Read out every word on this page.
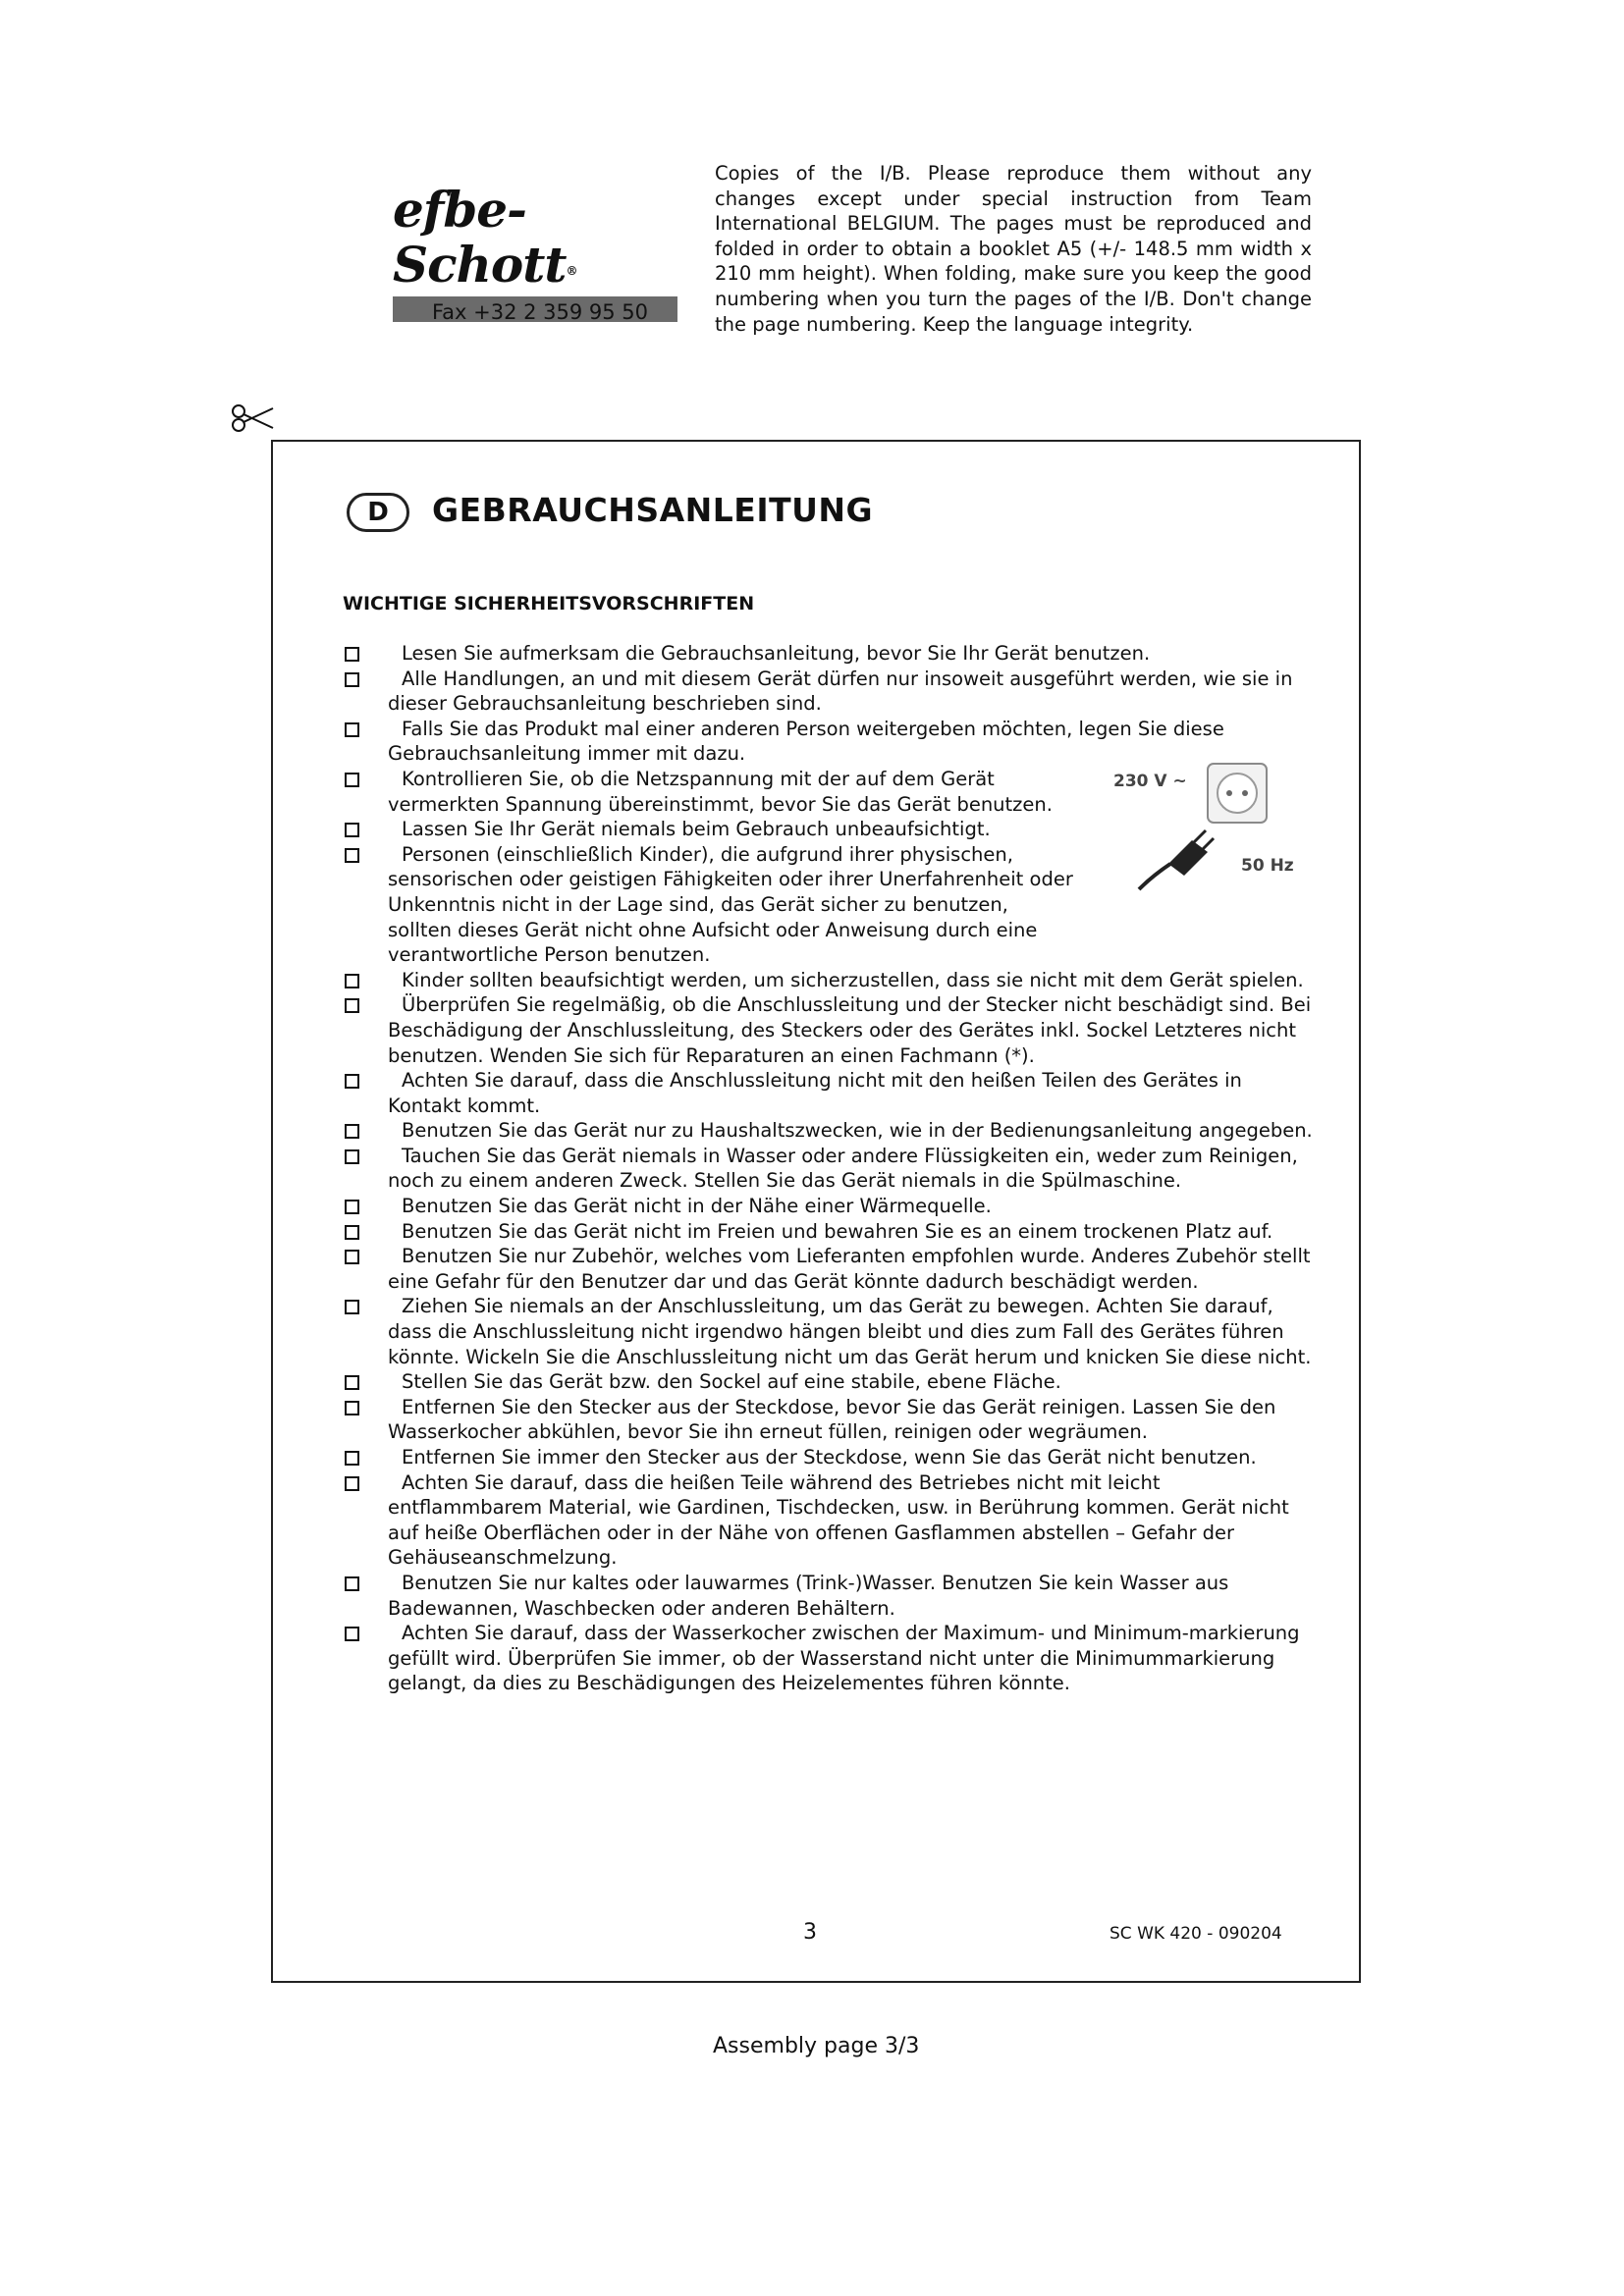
efbe-Schott®
Fax +32 2 359 95 50

Copies of the I/B. Please reproduce them without any changes except under special instruction from Team International BELGIUM. The pages must be reproduced and folded in order to obtain a booklet A5 (+/- 148.5 mm width x 210 mm height). When folding, make sure you keep the good numbering when you turn the pages of the I/B. Don't change the page numbering. Keep the language integrity.

D	GEBRAUCHSANLEITUNG
WICHTIGE SICHERHEITSVORSCHRIFTEN
Lesen Sie aufmerksam die Gebrauchsanleitung, bevor Sie Ihr Gerät benutzen.
Alle Handlungen, an und mit diesem Gerät dürfen nur insoweit ausgeführt werden, wie sie in dieser Gebrauchsanleitung beschrieben sind.
Falls Sie das Produkt mal einer anderen Person weitergeben möchten, legen Sie diese Gebrauchsanleitung immer mit dazu.
Kontrollieren Sie, ob die Netzspannung mit der auf dem Gerät vermerkten Spannung übereinstimmt, bevor Sie das Gerät benutzen.
Lassen Sie Ihr Gerät niemals beim Gebrauch unbeaufsichtigt.
Personen (einschließlich Kinder), die aufgrund ihrer physischen, sensorischen oder geistigen Fähigkeiten oder ihrer Unerfahrenheit oder Unkenntnis nicht in der Lage sind, das Gerät sicher zu benutzen, sollten dieses Gerät nicht ohne Aufsicht oder Anweisung durch eine verantwortliche Person benutzen.
Kinder sollten beaufsichtigt werden, um sicherzustellen, dass sie nicht mit dem Gerät spielen.
Überprüfen Sie regelmäßig, ob die Anschlussleitung und der Stecker nicht beschädigt sind. Bei Beschädigung der Anschlussleitung, des Steckers oder des Gerätes inkl. Sockel Letzteres nicht benutzen. Wenden Sie sich für Reparaturen an einen Fachmann (*).
Achten Sie darauf, dass die Anschlussleitung nicht mit den heißen Teilen des Gerätes in Kontakt kommt.
Benutzen Sie das Gerät nur zu Haushaltszwecken, wie in der Bedienungsanleitung angegeben.
Tauchen Sie das Gerät niemals in Wasser oder andere Flüssigkeiten ein, weder zum Reinigen, noch zu einem anderen Zweck. Stellen Sie das Gerät niemals in die Spülmaschine.
Benutzen Sie das Gerät nicht in der Nähe einer Wärmequelle.
Benutzen Sie das Gerät nicht im Freien und bewahren Sie es an einem trockenen Platz auf.
Benutzen Sie nur Zubehör, welches vom Lieferanten empfohlen wurde. Anderes Zubehör stellt eine Gefahr für den Benutzer dar und das Gerät könnte dadurch beschädigt werden.
Ziehen Sie niemals an der Anschlussleitung, um das Gerät zu bewegen. Achten Sie darauf, dass die Anschlussleitung nicht irgendwo hängen bleibt und dies zum Fall des Gerätes führen könnte. Wickeln Sie die Anschlussleitung nicht um das Gerät herum und knicken Sie diese nicht.
Stellen Sie das Gerät bzw. den Sockel auf eine stabile, ebene Fläche.
Entfernen Sie den Stecker aus der Steckdose, bevor Sie das Gerät reinigen. Lassen Sie den Wasserkocher abkühlen, bevor Sie ihn erneut füllen, reinigen oder wegräumen.
Entfernen Sie immer den Stecker aus der Steckdose, wenn Sie das Gerät nicht benutzen.
Achten Sie darauf, dass die heißen Teile während des Betriebes nicht mit leicht entflammbarem Material, wie Gardinen, Tischdecken, usw. in Berührung kommen. Gerät nicht auf heiße Oberflächen oder in der Nähe von offenen Gasflammen abstellen – Gefahr der Gehäuseanschmelzung.
Benutzen Sie nur kaltes oder lauwarmes (Trink-)Wasser. Benutzen Sie kein Wasser aus Badewannen, Waschbecken oder anderen Behältern.
Achten Sie darauf, dass der Wasserkocher zwischen der Maximum- und Minimum-markierung gefüllt wird. Überprüfen Sie immer, ob der Wasserstand nicht unter die Minimummarkierung gelangt, da dies zu Beschädigungen des Heizelementes führen könnte.
230 V ~
50 Hz
3	SC WK 420 - 090204
Assembly page 3/3
